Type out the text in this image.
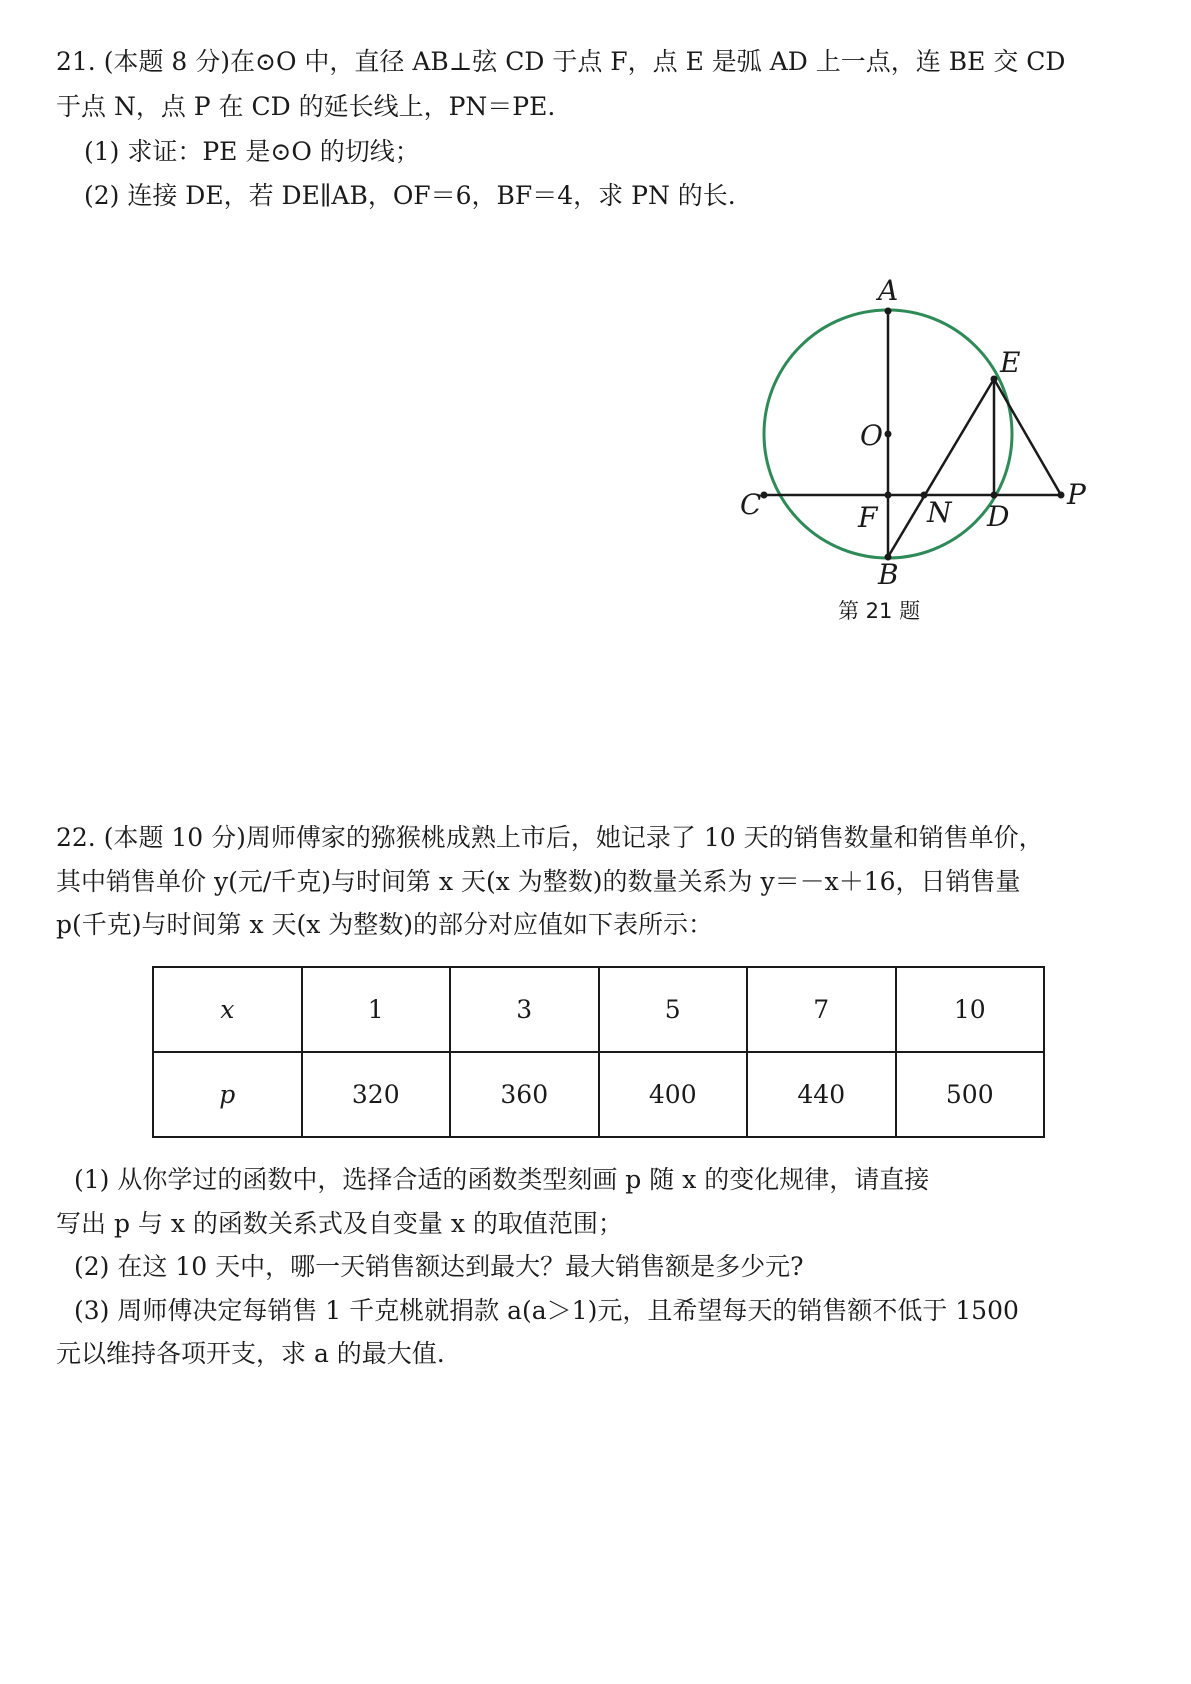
21. (本题 8 分)在⊙O 中，直径 AB⊥弦 CD 于点 F，点 E 是弧 AD 上一点，连 BE 交 CD
于点 N，点 P 在 CD 的延长线上，PN＝PE.
(1) 求证：PE 是⊙O 的切线；
(2) 连接 DE，若 DE∥AB，OF＝6，BF＝4，求 PN 的长.
A
E
O
C	F N D
P
B
第 21 题
22. (本题 10 分)周师傅家的猕猴桃成熟上市后，她记录了 10 天的销售数量和销售单价，
其中销售单价 y(元/千克)与时间第 x 天(x 为整数)的数量关系为 y＝－x＋16，日销售量
p(千克)与时间第 x 天(x 为整数)的部分对应值如下表所示：
x	1	3	5	7	10
p	320	360	400	440	500
(1) 从你学过的函数中，选择合适的函数类型刻画 p 随 x 的变化规律，请直接
写出 p 与 x 的函数关系式及自变量 x 的取值范围；
(2) 在这 10 天中，哪一天销售额达到最大？最大销售额是多少元?
(3) 周师傅决定每销售 1 千克桃就捐款 a(a＞1)元，且希望每天的销售额不低于 1500
元以维持各项开支，求 a 的最大值.
